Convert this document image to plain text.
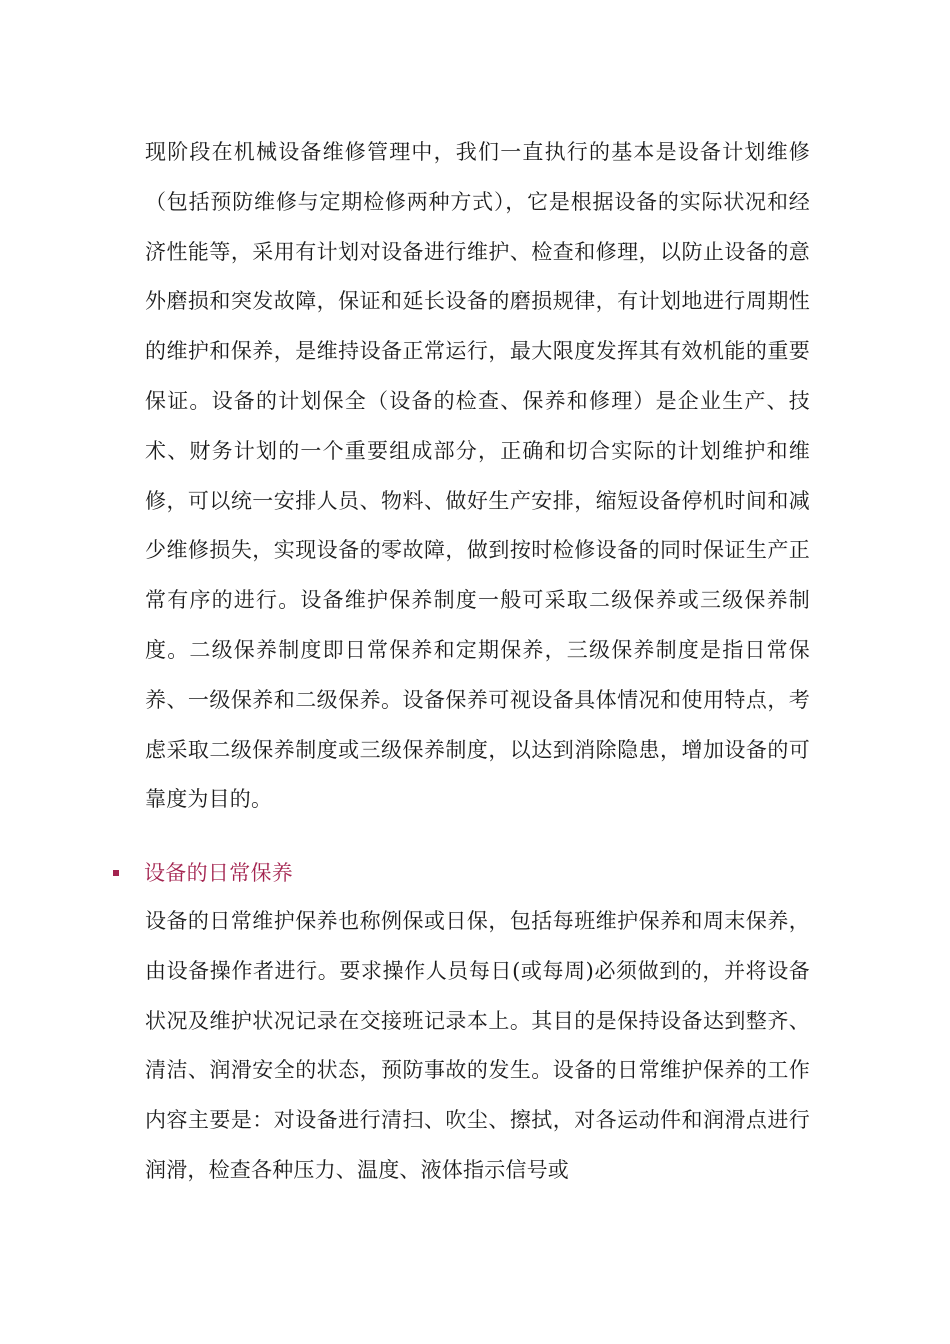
现阶段在机械设备维修管理中，我们一直执行的基本是设备计划维修（包括预防维修与定期检修两种方式），它是根据设备的实际状况和经济性能等，采用有计划对设备进行维护、检查和修理，以防止设备的意外磨损和突发故障，保证和延长设备的磨损规律，有计划地进行周期性的维护和保养，是维持设备正常运行，最大限度发挥其有效机能的重要保证。设备的计划保全（设备的检查、保养和修理）是企业生产、技术、财务计划的一个重要组成部分，正确和切合实际的计划维护和维修，可以统一安排人员、物料、做好生产安排，缩短设备停机时间和减少维修损失，实现设备的零故障，做到按时检修设备的同时保证生产正常有序的进行。设备维护保养制度一般可采取二级保养或三级保养制度。二级保养制度即日常保养和定期保养，三级保养制度是指日常保养、一级保养和二级保养。设备保养可视设备具体情况和使用特点，考虑采取二级保养制度或三级保养制度，以达到消除隐患，增加设备的可靠度为目的。

设备的日常保养

设备的日常维护保养也称例保或日保，包括每班维护保养和周末保养，由设备操作者进行。要求操作人员每日(或每周)必须做到的，并将设备状况及维护状况记录在交接班记录本上。其目的是保持设备达到整齐、清洁、润滑安全的状态，预防事故的发生。设备的日常维护保养的工作内容主要是：对设备进行清扫、吹尘、擦拭，对各运动件和润滑点进行润滑，检查各种压力、温度、液体指示信号或
